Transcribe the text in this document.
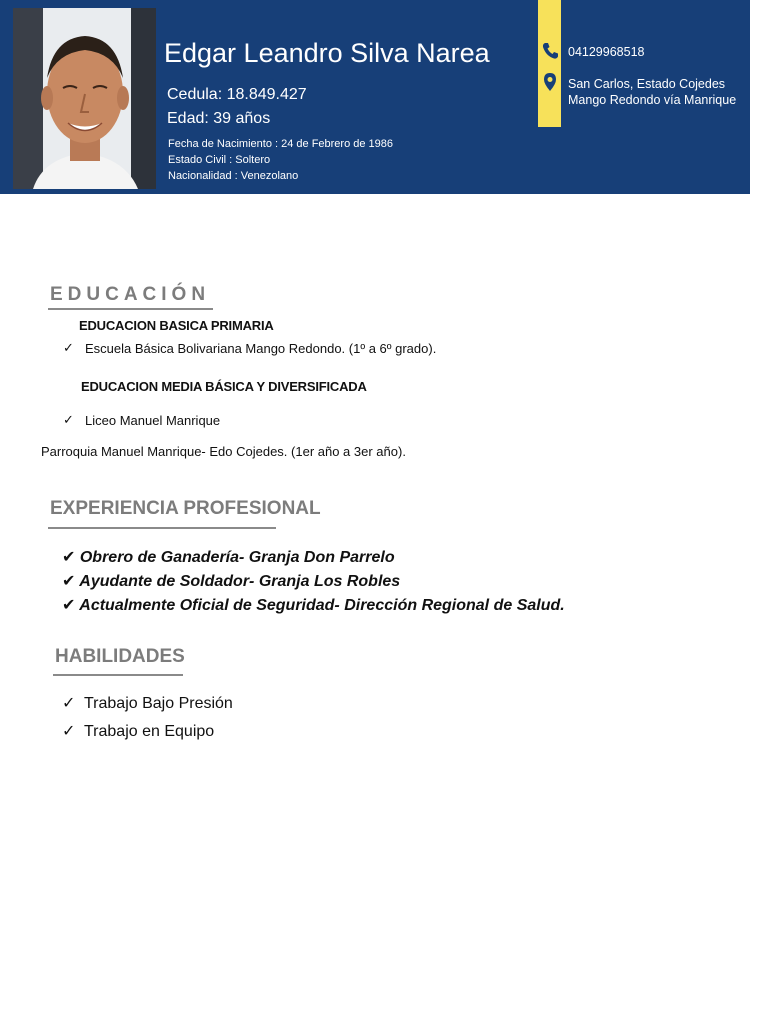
Edgar Leandro Silva Narea
Cedula: 18.849.427
Edad: 39 años
Fecha de Nacimiento : 24 de Febrero de 1986
Estado Civil : Soltero
Nacionalidad : Venezolano
04129968518
San Carlos, Estado Cojedes
Mango Redondo vía Manrique
EDUCACIÓN
EDUCACION BASICA PRIMARIA
✓ Escuela Básica Bolivariana Mango Redondo. (1º a 6º grado).
EDUCACION MEDIA BÁSICA Y DIVERSIFICADA
✓ Liceo Manuel Manrique
Parroquia Manuel Manrique- Edo Cojedes. (1er año a 3er año).
EXPERIENCIA PROFESIONAL
✔ Obrero de Ganadería- Granja Don Parrelo
✔ Ayudante de Soldador- Granja Los Robles
✔ Actualmente Oficial de Seguridad- Dirección Regional de Salud.
HABILIDADES
✓ Trabajo Bajo Presión
✓ Trabajo en Equipo
